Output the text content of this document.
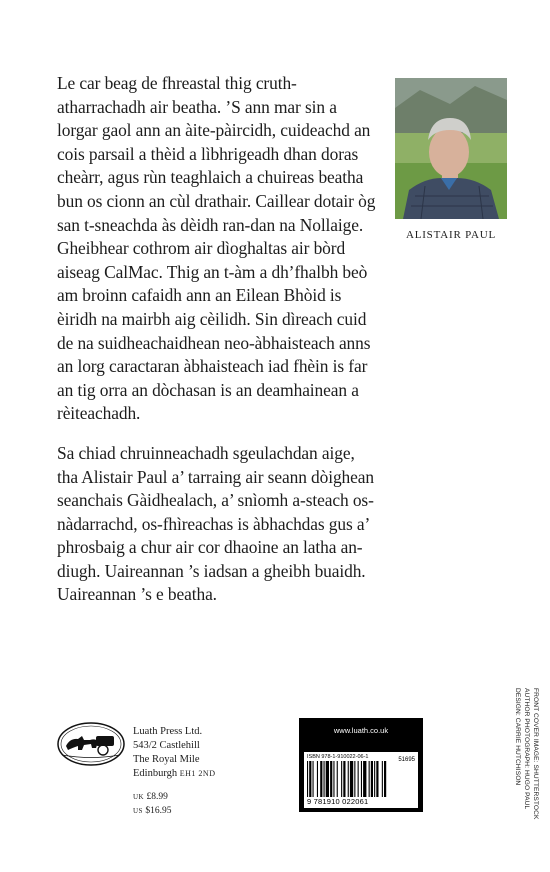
Le car beag de fhreastal thig cruth-atharrachadh air beatha. ’S ann mar sin a lorgar gaol ann an àite-pàircidh, cuideachd an cois parsail a thèid a lìbhrigeadh dhan doras cheàrr, agus rùn teaghlaich a chuireas beatha bun os cionn an cùl drathair. Caillear dotair òg san t-sneachda às dèidh ran-dan na Nollaige. Gheibhear cothrom air dìoghaltas air bòrd aiseag CalMac. Thig an t-àm a dh’fhalbh beò am broinn cafaidh ann an Eilean Bhòid is èiridh na mairbh aig cèilidh. Sin dìreach cuid de na suidheachaidhean neo-àbhaisteach anns an lorg caractaran àbhaisteach iad fhèin is far an tig orra an dòchasan is an deamhainean a rèiteachadh.

Sa chiad chruinneachadh sgeulachdan aige, tha Alistair Paul a’ tarraing air seann dòighean seanchais Gàidhealach, a’ snìomh a-steach os-nàdarrachd, os-fhìreachas is àbhachdas gus a’ phrosbaig a chur air cor dhaoine an latha an-diugh. Uaireannan ’s iadsan a gheibh buaidh. Uaireannan ’s e beatha.

ALISTAIR PAUL
Luath Press Ltd.
543/2 Castlehill
The Royal Mile
Edinburgh EH1 2ND
UK £8.99
US $16.95
www.luath.co.uk
ISBN 978-1-910022-06-1	51695
9 781910 022061	FRONT COVER IMAGE: SHUTTERSTOCK
AUTHOR PHOTOGRAPH: HUGO PAUL
DESIGN: CARRIE HUTCHISON
